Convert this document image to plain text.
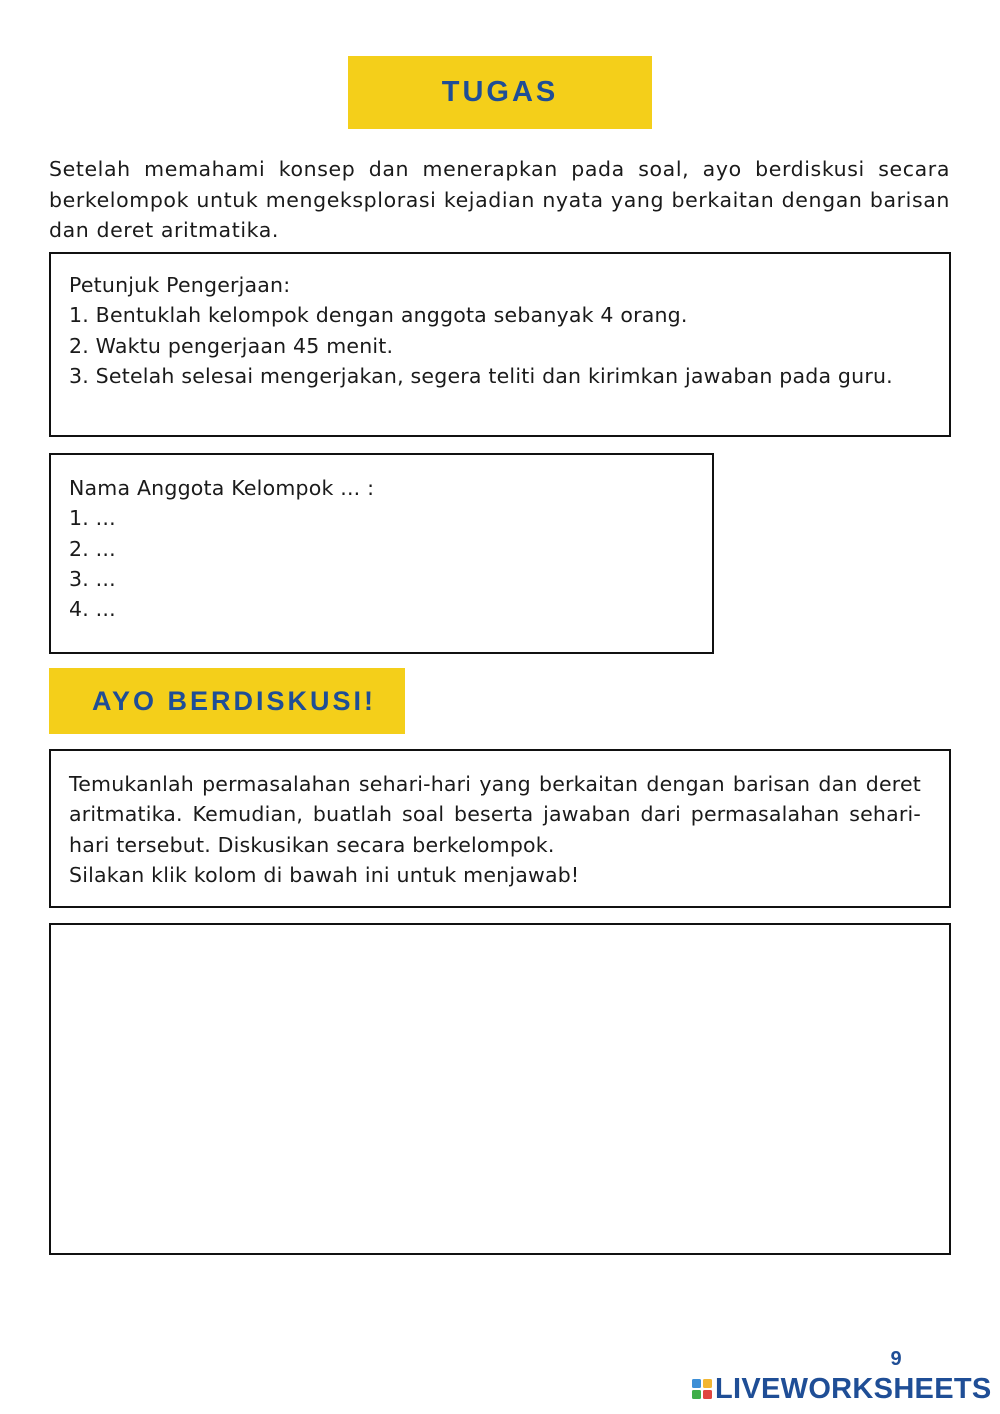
TUGAS

Setelah memahami konsep dan menerapkan pada soal, ayo berdiskusi secara berkelompok untuk mengeksplorasi kejadian nyata yang berkaitan dengan barisan dan deret aritmatika.

Petunjuk Pengerjaan:

1. Bentuklah kelompok dengan anggota sebanyak 4 orang.

2. Waktu pengerjaan 45 menit.

3. Setelah selesai mengerjakan, segera teliti dan kirimkan jawaban pada guru.

Nama Anggota Kelompok ... :

1. ...

2. ...

3. ...

4. ...

AYO BERDISKUSI!

Temukanlah permasalahan sehari-hari yang berkaitan dengan barisan dan deret aritmatika. Kemudian, buatlah soal beserta jawaban dari permasalahan sehari-hari tersebut. Diskusikan secara berkelompok.

Silakan klik kolom di bawah ini untuk menjawab!

9
LIVEWORKSHEETS
